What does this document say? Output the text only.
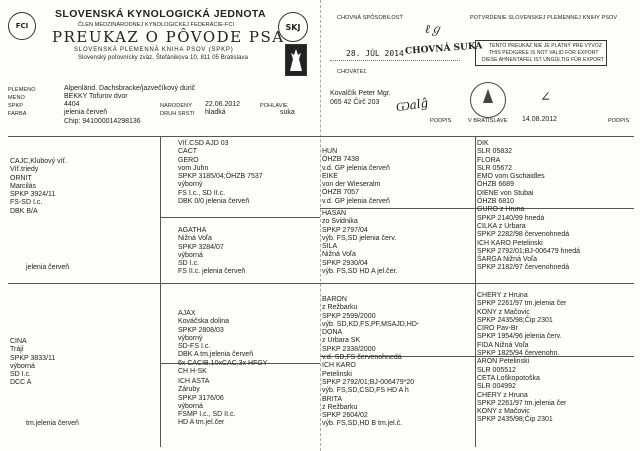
FCI
SLOVENSKÁ KYNOLOGICKÁ JEDNOTA
ČLEN MEDZINÁRODNEJ KYNOLOGICKEJ FEDERÁCIE-FCI
PREUKAZ O PÔVODE PSA
SLOVENSKÁ PLEMENNÁ KNIHA PSOV (SPKP)
Slovenský poľovnícky zväz, Štefánikova 10, 811 05 Bratislava
SKJ
CHOVNÁ SPÔSOBILOSŤ
28. JÚL 2014 CHOVNÁ SUKA
ℓℊ
POTVRDENIE SLOVENSKEJ PLEMENNEJ KNIHY PSOV
TENTO PREUKAZ NIE JE PLATNÝ PRE VÝVOZ
THIS PEDIGREE IS NOT VALID FOR EXPORT
DIESE AHNENTAFEL IST UNGÜLTIG FÜR EXPORT
CHOVATEĽ
Kovalčík Peter Mgr.
065 42 Čirč 203 Ѡalĝ
PODPIS
∠
V BRATISLAVE 14.08.2012	PODPIS
PLEMENO	Alpenländ. Dachsbracke/jazvečíkový durič
MENO	BEKKY Tofurov dvor
SPKP	4404
FARBA	jelenia červeň
Chip: 941000014298136
NARODENÝ 22.06.2012	POHLAVIE
DRUH SRSTI hladká	suka
CAJC,Klubový víť.
Víť.triedy
ORNIT
Marcilás
SPKP 3924/11
FS-SD I.c.
DBK B/A
jelenia červeň
CINA
Trájí
SPKP 3833/11
výborná
SD I.c.
DCC A
tm.jelenia červeň
Víť.CSD AJD 03
CACT
GERO
vom Juhn
SPKP 3185/04;ÖHZB 7537
výborný
FS I.c., SD II.c.
DBK 0/0 jelenia červeň
AGATHA
Nižná Voľa
SPKP 3284/07
výborná
SD I.c.
FS II.c. jelenia červeň
AJAX
Kováčska dolina
SPKP 2808/03
výborný
SD-FS I.c.
DBK A tm.jelenia červeň
6x CACIB,10xCAC,3x HFGY
CH H-SK
ICH ASTA
Záruby
SPKP 3176/06
výborná
FSMP I.c., SD II.c.
HD A tm.jel.čer
HUN
ÖHZB 7438
v.d. GP jelenia červeň
EIKE
von der Wieseralm
ÖHZB 7057
v.d. GP jelenia červeň
HASAN
zo Svidnika
SPKP 2797/04
výb. FS,SD jelenia červ.
SILA
Nižná Voľa
SPKP 2930/04
výb. FS,SD HD A jel.čer.
BARON
z Režbarku
SPKP 2599/2000
výb. SD,KD,FS,PF,MSAJD,HD-
DONA
z Urbara SK
SPKP 2338/2000
v.d. SD,FS červenohnedá
ICH KARO
Petelinski
SPKP 2792/01;BJ-006479*20
výb. FS,SD,CSD,FS HD A h
BRITA
z Režbarku
SPKP 2604/02
výb. FS,SD,HD B tm.jel.č.
DIK
SLR 05832
FLORA
SLR 05672
EMO vom Gschaidles
ÖHZB 6689
DIENE von Stubai
ÖHZB 6810
GURO z Hruna
SPKP 2140/99 hnedá
CILKA z Urbara
SPKP 2282/98 červenohnedá
ICH KARO Petelinski
SPKP 2792/01;BJ-006479 hnedá
ŠARGA Nižná Voľa
SPKP 2182/97 červenohnedá
CHERY z Hruna
SPKP 2261/97 tm.jelenia čer
KONY z Mačovic
SPKP 2435/98;Čip 2301
CIRO Pav-Br
SPKP 1954/96 jelenia červ.
FIDA Nižná Voľa
SPKP 1825/94 červenohn.
ARON Petelinski
SLR 005512
CETA Loškopotoška
SLR 004992
CHERY z Hruna
SPKP 2261/97 tm.jelenia čer
KONY z Mačovic
SPKP 2435/98;Čip 2301
